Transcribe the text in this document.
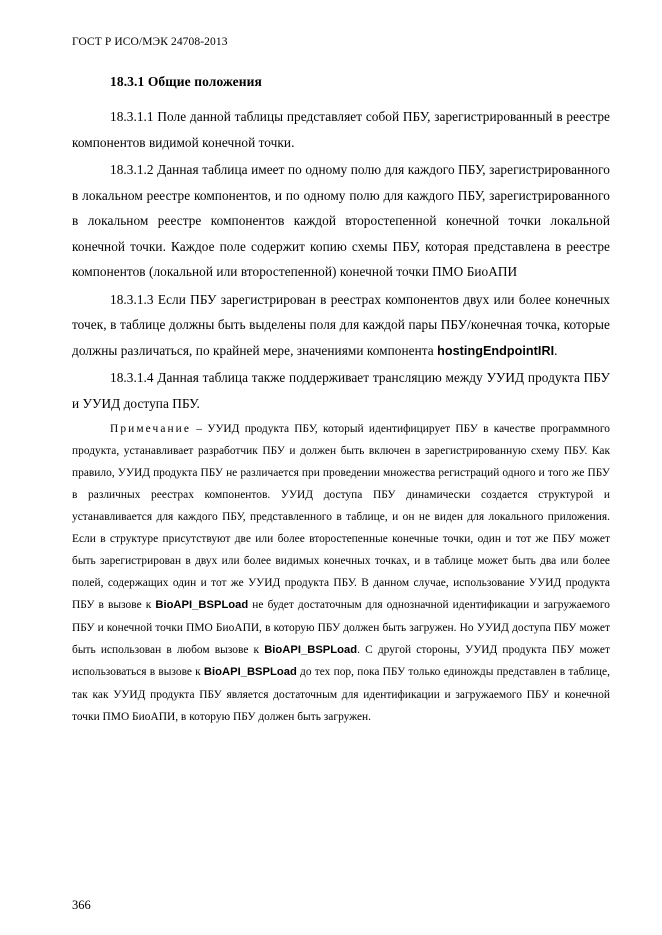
ГОСТ Р ИСО/МЭК 24708-2013
18.3.1 Общие положения

18.3.1.1 Поле данной таблицы представляет собой ПБУ, зарегистрированный в реестре компонентов видимой конечной точки.

18.3.1.2 Данная таблица имеет по одному полю для каждого ПБУ, зарегистрированного в локальном реестре компонентов, и по одному полю для каждого ПБУ, зарегистрированного в локальном реестре компонентов каждой второстепенной конечной точки локальной конечной точки. Каждое поле содержит копию схемы ПБУ, которая представлена в реестре компонентов (локальной или второстепенной) конечной точки ПМО БиоАПИ

18.3.1.3 Если ПБУ зарегистрирован в реестрах компонентов двух или более конечных точек, в таблице должны быть выделены поля для каждой пары ПБУ/конечная точка, которые должны различаться, по крайней мере, значениями компонента hostingEndpointIRI.

18.3.1.4 Данная таблица также поддерживает трансляцию между УУИД продукта ПБУ и УУИД доступа ПБУ.

Примечание – УУИД продукта ПБУ, который идентифицирует ПБУ в качестве программного продукта, устанавливает разработчик ПБУ и должен быть включен в зарегистрированную схему ПБУ. Как правило, УУИД продукта ПБУ не различается при проведении множества регистраций одного и того же ПБУ в различных реестрах компонентов. УУИД доступа ПБУ динамически создается структурой и устанавливается для каждого ПБУ, представленного в таблице, и он не виден для локального приложения. Если в структуре присутствуют две или более второстепенные конечные точки, один и тот же ПБУ может быть зарегистрирован в двух или более видимых конечных точках, и в таблице может быть два или более полей, содержащих один и тот же УУИД продукта ПБУ. В данном случае, использование УУИД продукта ПБУ в вызове к BioAPI_BSPLoad не будет достаточным для однозначной идентификации и загружаемого ПБУ и конечной точки ПМО БиоАПИ, в которую ПБУ должен быть загружен. Но УУИД доступа ПБУ может быть использован в любом вызове к BioAPI_BSPLoad. С другой стороны, УУИД продукта ПБУ может использоваться в вызове к BioAPI_BSPLoad до тех пор, пока ПБУ только единожды представлен в таблице, так как УУИД продукта ПБУ является достаточным для идентификации и загружаемого ПБУ и конечной точки ПМО БиоАПИ, в которую ПБУ должен быть загружен.

366
